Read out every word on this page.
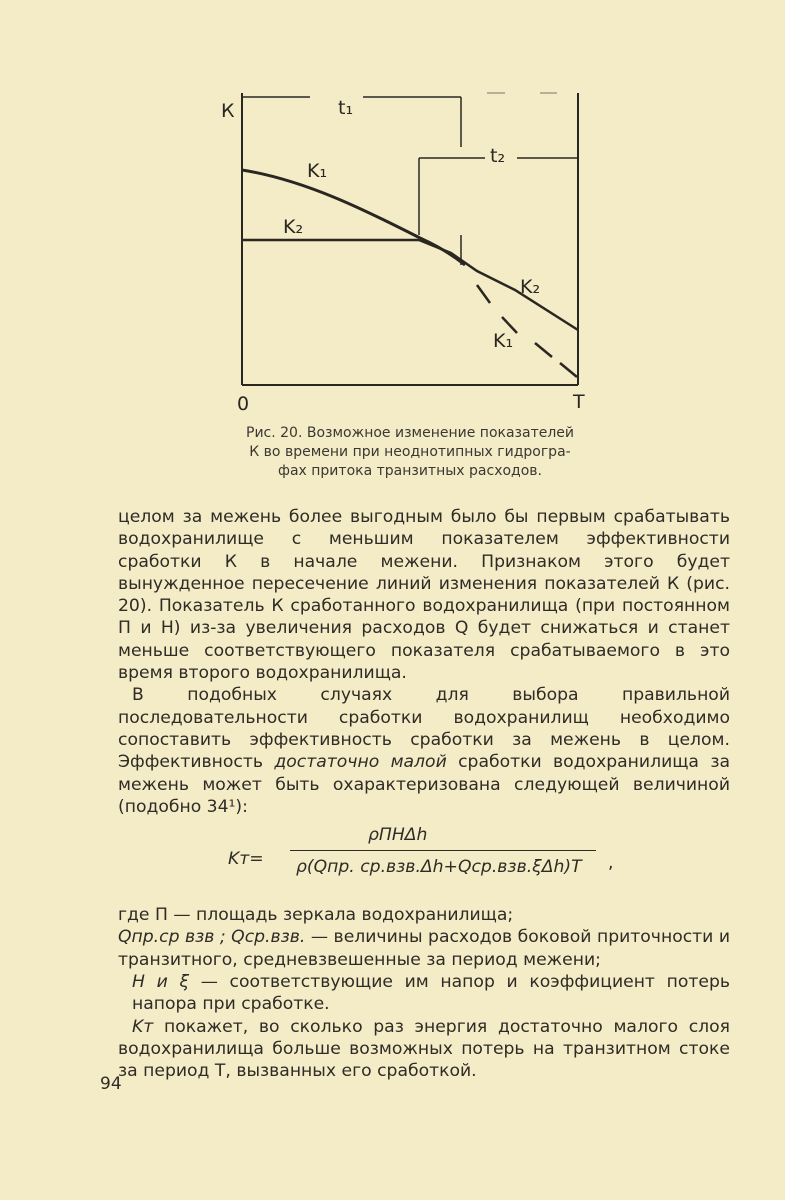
К	t₁
t₂
K₁
K₂
K₂
K₁
0	T
Рис. 20. Возможное изменение показателей
К во времени при неоднотипных гидрогра-
фах притока транзитных расходов.

целом за межень более выгодным было бы первым срабатывать водохранилище с меньшим показателем эффективности сработки К в начале межени. Признаком этого будет вынужденное пересечение линий изменения показателей К (рис. 20). Показатель К сработанного водохранилища (при постоянном П и Н) из-за увеличения расходов Q будет снижаться и станет меньше соответствующего показателя срабатываемого в это время второго водохранилища.

В подобных случаях для выбора правильной последовательности сработки водохранилищ необходимо сопоставить эффективность сработки за межень в целом. Эффективность достаточно малой сработки водохранилища за межень может быть охарактеризована следующей величиной (подобно 34¹):

Kт=
ρПHΔh
ρ(Qпр. ср.взв.Δh+Qср.взв.ξΔh)T ,
где П — площадь зеркала водохранилища;
Qпр.ср взв ; Qср.взв. — величины расходов боковой приточности и транзитного, средневзвешенные за период межени;
Н и ξ — соответствующие им напор и коэффициент потерь напора при сработке.

Kт покажет, во сколько раз энергия достаточно малого слоя водохранилища больше возможных потерь на транзитном стоке за период Т, вызванных его сработкой.

94
